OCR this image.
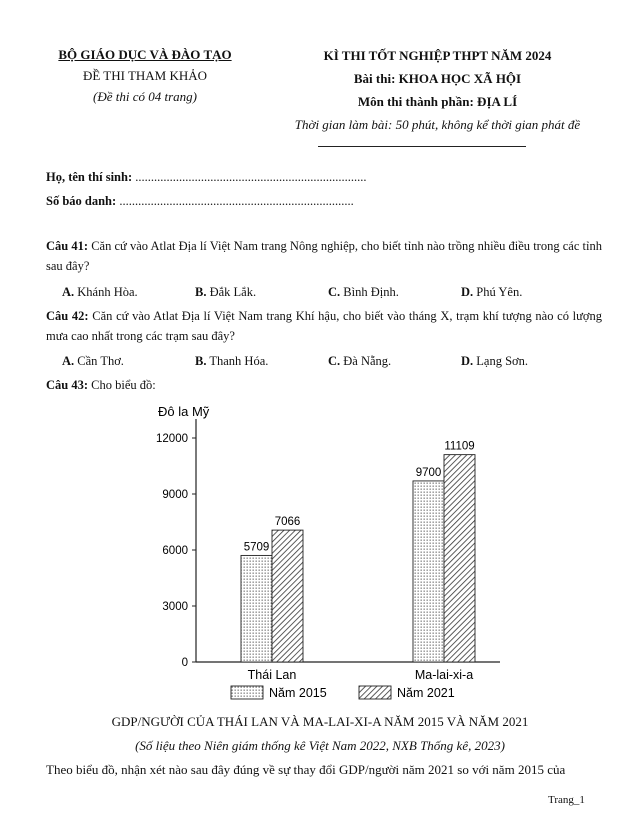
BỘ GIÁO DỤC VÀ ĐÀO TẠO
ĐỀ THI THAM KHẢO
(Đề thi có 04 trang)
KÌ THI TỐT NGHIỆP THPT NĂM 2024
Bài thi: KHOA HỌC XÃ HỘI
Môn thi thành phần: ĐỊA LÍ
Thời gian làm bài: 50 phút, không kể thời gian phát đề
Họ, tên thí sinh: ..........................................................................
Số báo danh: ...........................................................................
Câu 41: Căn cứ vào Atlat Địa lí Việt Nam trang Nông nghiệp, cho biết tỉnh nào trồng nhiều điều trong các tỉnh sau đây?
A. Khánh Hòa.	B. Đắk Lắk.	C. Bình Định.	D. Phú Yên.
Câu 42: Căn cứ vào Atlat Địa lí Việt Nam trang Khí hậu, cho biết vào tháng X, trạm khí tượng nào có lượng mưa cao nhất trong các trạm sau đây?
A. Cần Thơ.	B. Thanh Hóa.	C. Đà Nẵng.	D. Lạng Sơn.
Câu 43: Cho biểu đồ:
Đô la Mỹ
0
3000
6000
9000
12000
5709
7066
Thái Lan
9700
11109
Ma-lai-xi-a
Năm 2015	Năm 2021
GDP/NGƯỜI CỦA THÁI LAN VÀ MA-LAI-XI-A NĂM 2015 VÀ NĂM 2021
(Số liệu theo Niên giám thống kê Việt Nam 2022, NXB Thống kê, 2023)
Theo biểu đồ, nhận xét nào sau đây đúng về sự thay đổi GDP/người năm 2021 so với năm 2015 của
Trang_1
